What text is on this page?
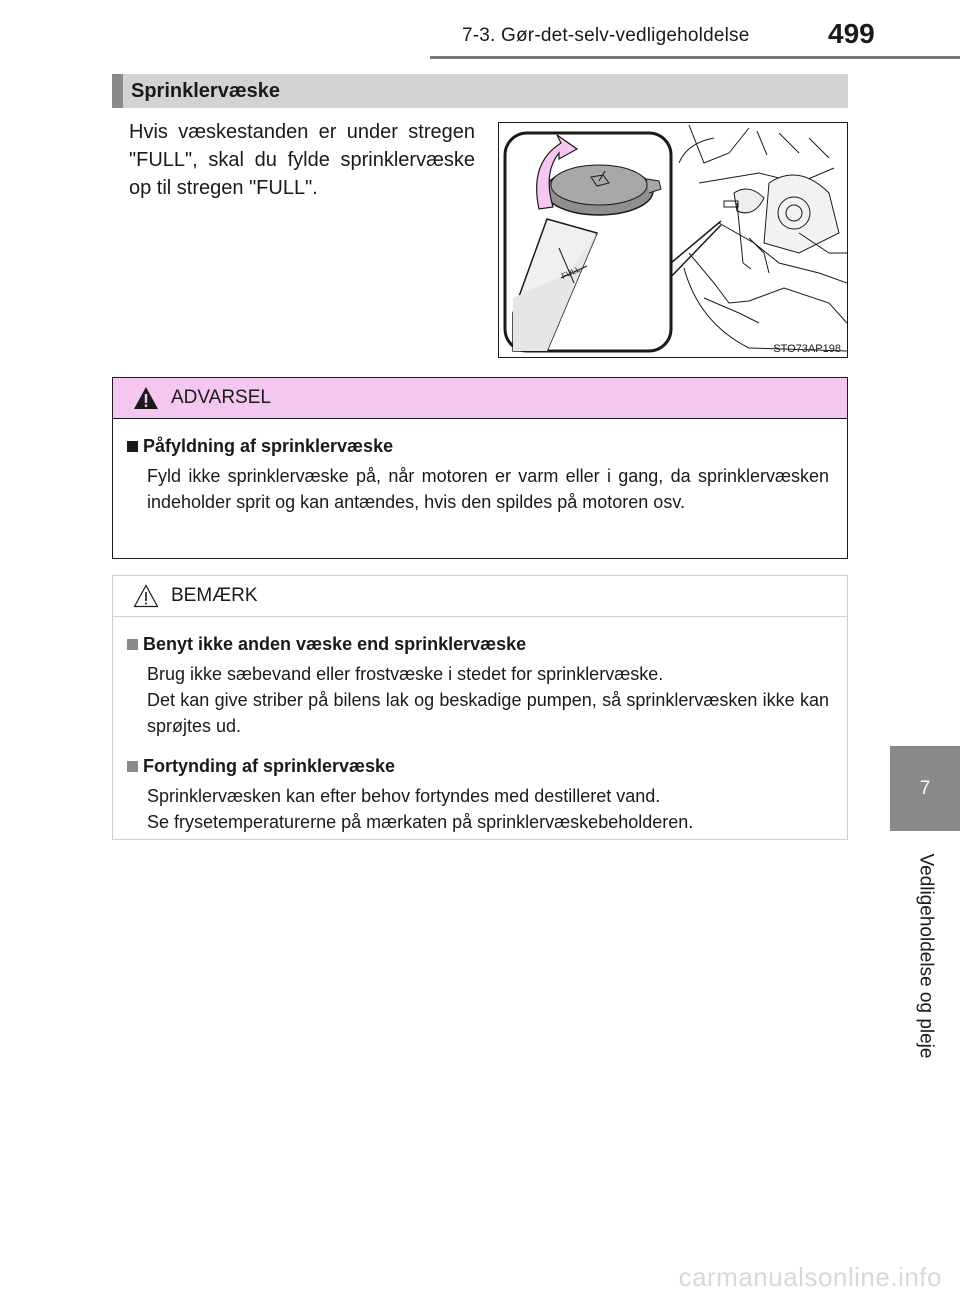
7-3. Gør-det-selv-vedligeholdelse	499
7
Vedligeholdelse og pleje
Sprinklervæske
Hvis væskestanden er under stregen "FULL", skal du fylde sprinklervæske op til stregen "FULL".
FULL
STO73AP198
ADVARSEL
Påfyldning af sprinklervæske
Fyld ikke sprinklervæske på, når motoren er varm eller i gang, da sprinklervæsken indeholder sprit og kan antændes, hvis den spildes på motoren osv.
BEMÆRK
Benyt ikke anden væske end sprinklervæske
Brug ikke sæbevand eller frostvæske i stedet for sprinklervæske.
Det kan give striber på bilens lak og beskadige pumpen, så sprinklervæsken ikke kan sprøjtes ud.
Fortynding af sprinklervæske
Sprinklervæsken kan efter behov fortyndes med destilleret vand.
Se frysetemperaturerne på mærkaten på sprinklervæskebeholderen.
carmanualsonline.info
